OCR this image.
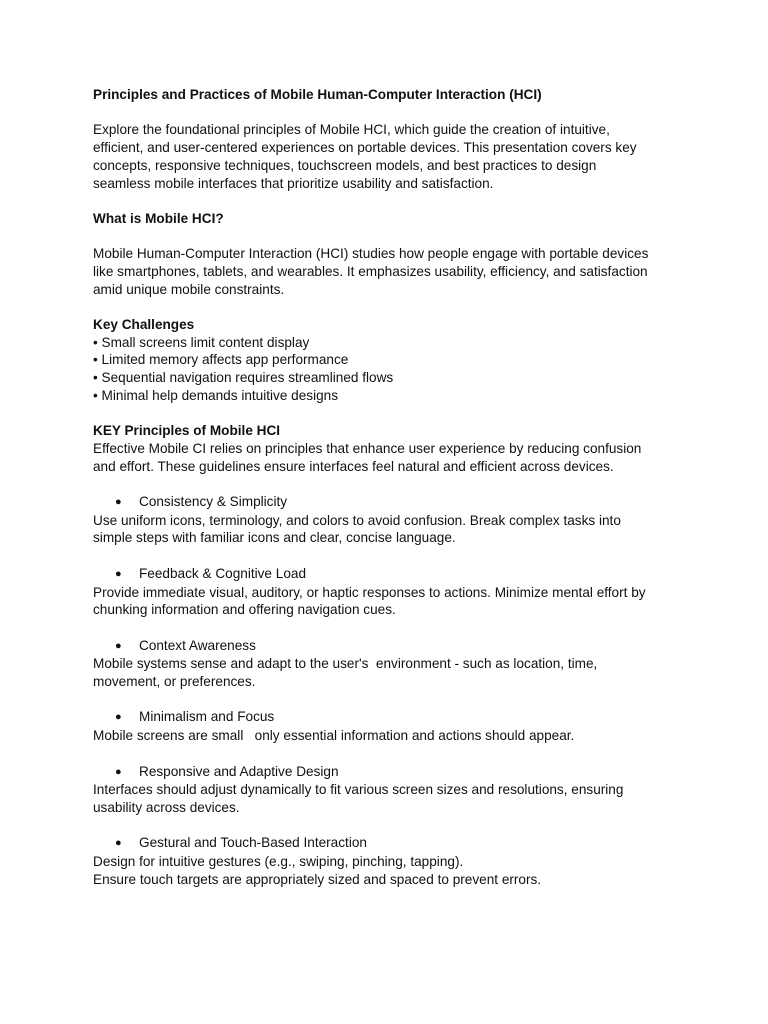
Principles and Practices of Mobile Human-Computer Interaction (HCI)

Explore the foundational principles of Mobile HCI, which guide the creation of intuitive,
efficient, and user-centered experiences on portable devices. This presentation covers key
concepts, responsive techniques, touchscreen models, and best practices to design
seamless mobile interfaces that prioritize usability and satisfaction.

What is Mobile HCI?

Mobile Human-Computer Interaction (HCI) studies how people engage with portable devices
like smartphones, tablets, and wearables. It emphasizes usability, efficiency, and satisfaction
amid unique mobile constraints.

Key Challenges

• Small screens limit content display
• Limited memory affects app performance
• Sequential navigation requires streamlined flows
• Minimal help demands intuitive designs

KEY Principles of Mobile HCI

Effective Mobile CI relies on principles that enhance user experience by reducing confusion
and effort. These guidelines ensure interfaces feel natural and efficient across devices.
● Consistency & Simplicity
Use uniform icons, terminology, and colors to avoid confusion. Break complex tasks into
simple steps with familiar icons and clear, concise language.
● Feedback & Cognitive Load
Provide immediate visual, auditory, or haptic responses to actions. Minimize mental effort by
chunking information and offering navigation cues.
● Context Awareness
Mobile systems sense and adapt to the user's  environment - such as location, time,
movement, or preferences.
● Minimalism and Focus
Mobile screens are small   only essential information and actions should appear.
● Responsive and Adaptive Design
Interfaces should adjust dynamically to fit various screen sizes and resolutions, ensuring
usability across devices.
● Gestural and Touch-Based Interaction
Design for intuitive gestures (e.g., swiping, pinching, tapping).
Ensure touch targets are appropriately sized and spaced to prevent errors.
